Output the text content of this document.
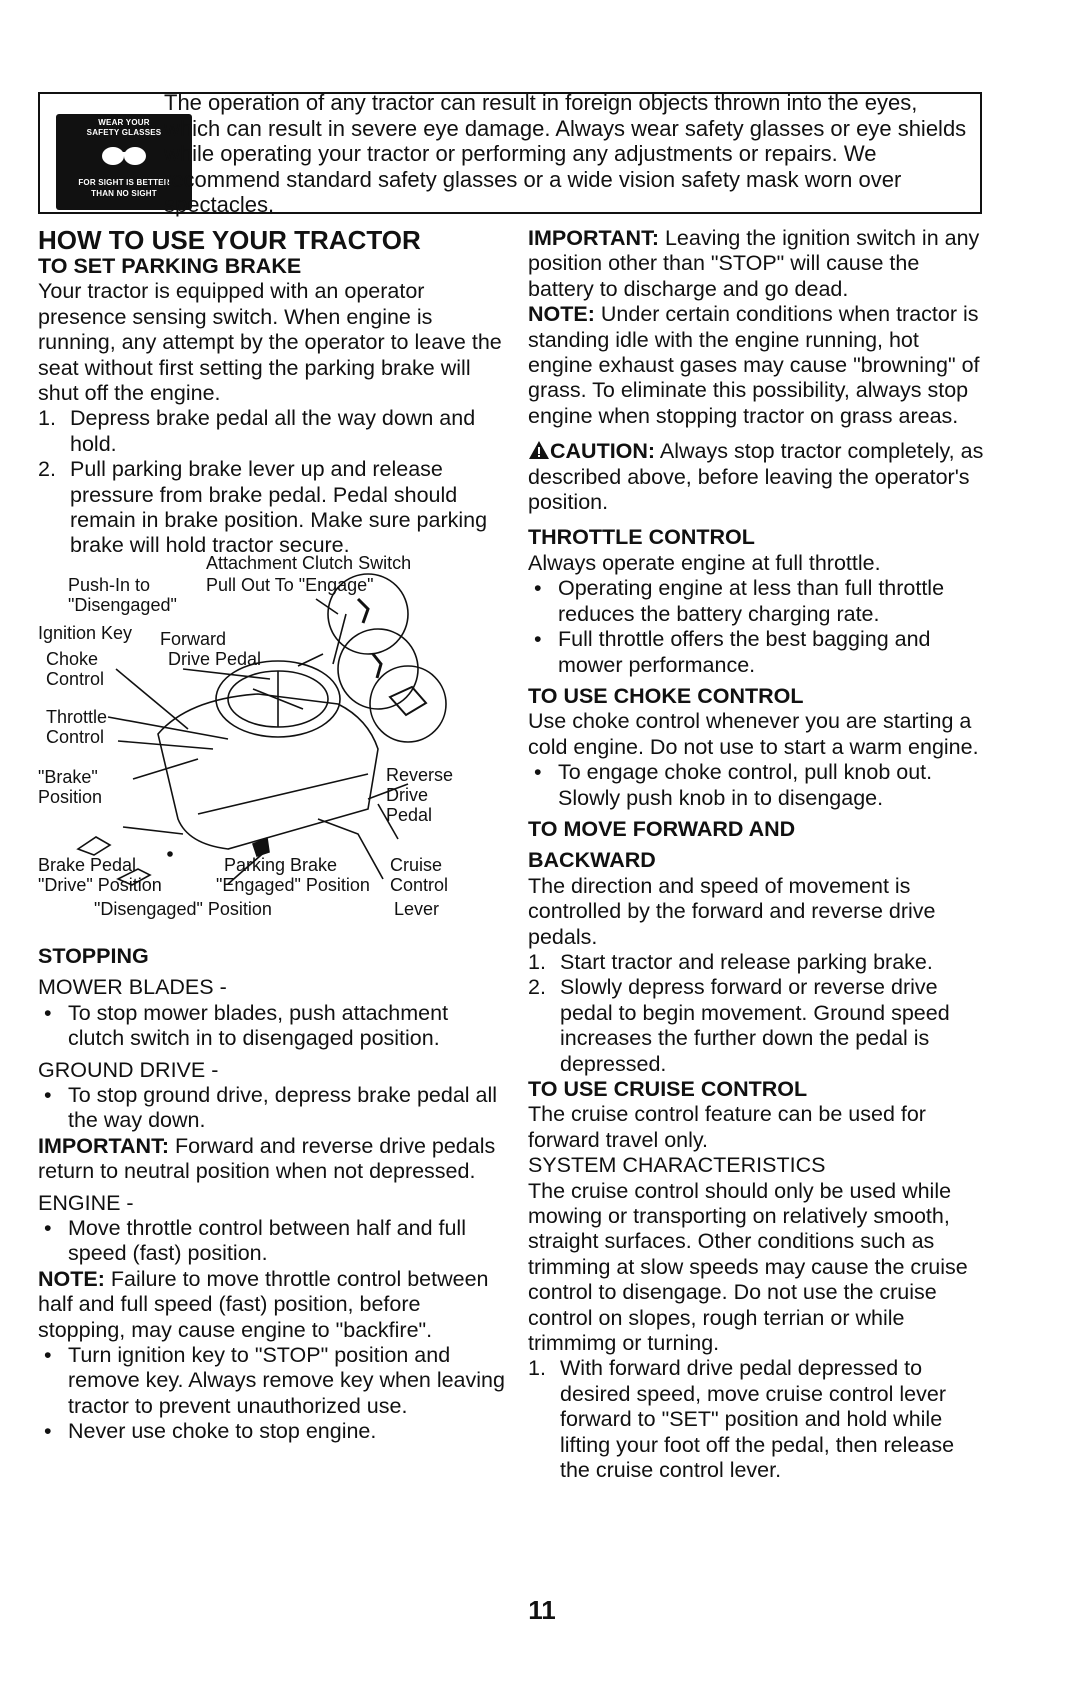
WEAR YOUR
SAFETY GLASSES
FOR SIGHT IS BETTER
THAN NO SIGHT
The operation of any tractor can result in foreign objects thrown into the eyes, which can result in severe eye damage. Always wear safety glasses or eye shields while operating your tractor or performing any adjustments or repairs. We recommend standard safety glasses or a wide vision safety mask worn over spectacles.
HOW TO USE YOUR TRACTOR
TO SET PARKING BRAKE

Your tractor is equipped with an operator presence sensing switch. When engine is running, any attempt by the operator to leave the seat without first setting the parking brake will shut off the engine.

1. Depress brake pedal all the way down and hold.
2. Pull parking brake lever up and release pressure from brake pedal. Pedal should remain in brake position. Make sure parking brake will hold tractor secure.
Attachment Clutch Switch
Push-In to
"Disengaged"
Pull Out To "Engage"
Ignition Key Forward
Choke	Drive Pedal
Control
Throttle
Control
"Brake"
Position
Reverse
Drive
Pedal
Brake Pedal
"Drive" Position
Parking Brake
"Engaged" Position
Cruise
Control
"Disengaged" Position	Lever
STOPPING

MOWER BLADES -

• To stop mower blades, push attachment clutch switch in to disengaged position.

GROUND DRIVE -

• To stop ground drive, depress brake pedal all the way down.

IMPORTANT: Forward and reverse drive pedals return to neutral position when not depressed.

ENGINE -

• Move throttle control between half and full speed (fast) position.

NOTE: Failure to move throttle control between half and full speed (fast) position, before stopping, may cause engine to "backfire".

• Turn ignition key to "STOP" position and remove key. Always remove key when leaving tractor to prevent unauthorized use.
• Never use choke to stop engine.

IMPORTANT: Leaving the ignition switch in any position other than "STOP" will cause the battery to discharge and go dead.

NOTE: Under certain conditions when tractor is standing idle with the engine running, hot engine exhaust gases may cause "browning" of grass. To eliminate this possibility, always stop engine when stopping tractor on grass areas.

CAUTION: Always stop tractor completely, as described above, before leaving the operator's position.

THROTTLE CONTROL

Always operate engine at full throttle.

• Operating engine at less than full throttle reduces the battery charging rate.
• Full throttle offers the best bagging and mower performance.
TO USE CHOKE CONTROL

Use choke control whenever you are starting a cold engine. Do not use to start a warm engine.

• To engage choke control, pull knob out. Slowly push knob in to disengage.
TO MOVE FORWARD AND
BACKWARD

The direction and speed of movement is controlled by the forward and reverse drive pedals.

1. Start tractor and release parking brake.
2. Slowly depress forward or reverse drive pedal to begin movement. Ground speed increases the further down the pedal is depressed.
TO USE CRUISE CONTROL

The cruise control feature can be used for forward travel only.

SYSTEM CHARACTERISTICS

The cruise control should only be used while mowing or transporting on relatively smooth, straight surfaces. Other conditions such as trimming at slow speeds may cause the cruise control to disengage. Do not use the cruise control on slopes, rough terrian or while trimmimg or turning.

1. With forward drive pedal depressed to desired speed, move cruise control lever forward to "SET" position and hold while lifting your foot off the pedal, then release the cruise control lever.
11
